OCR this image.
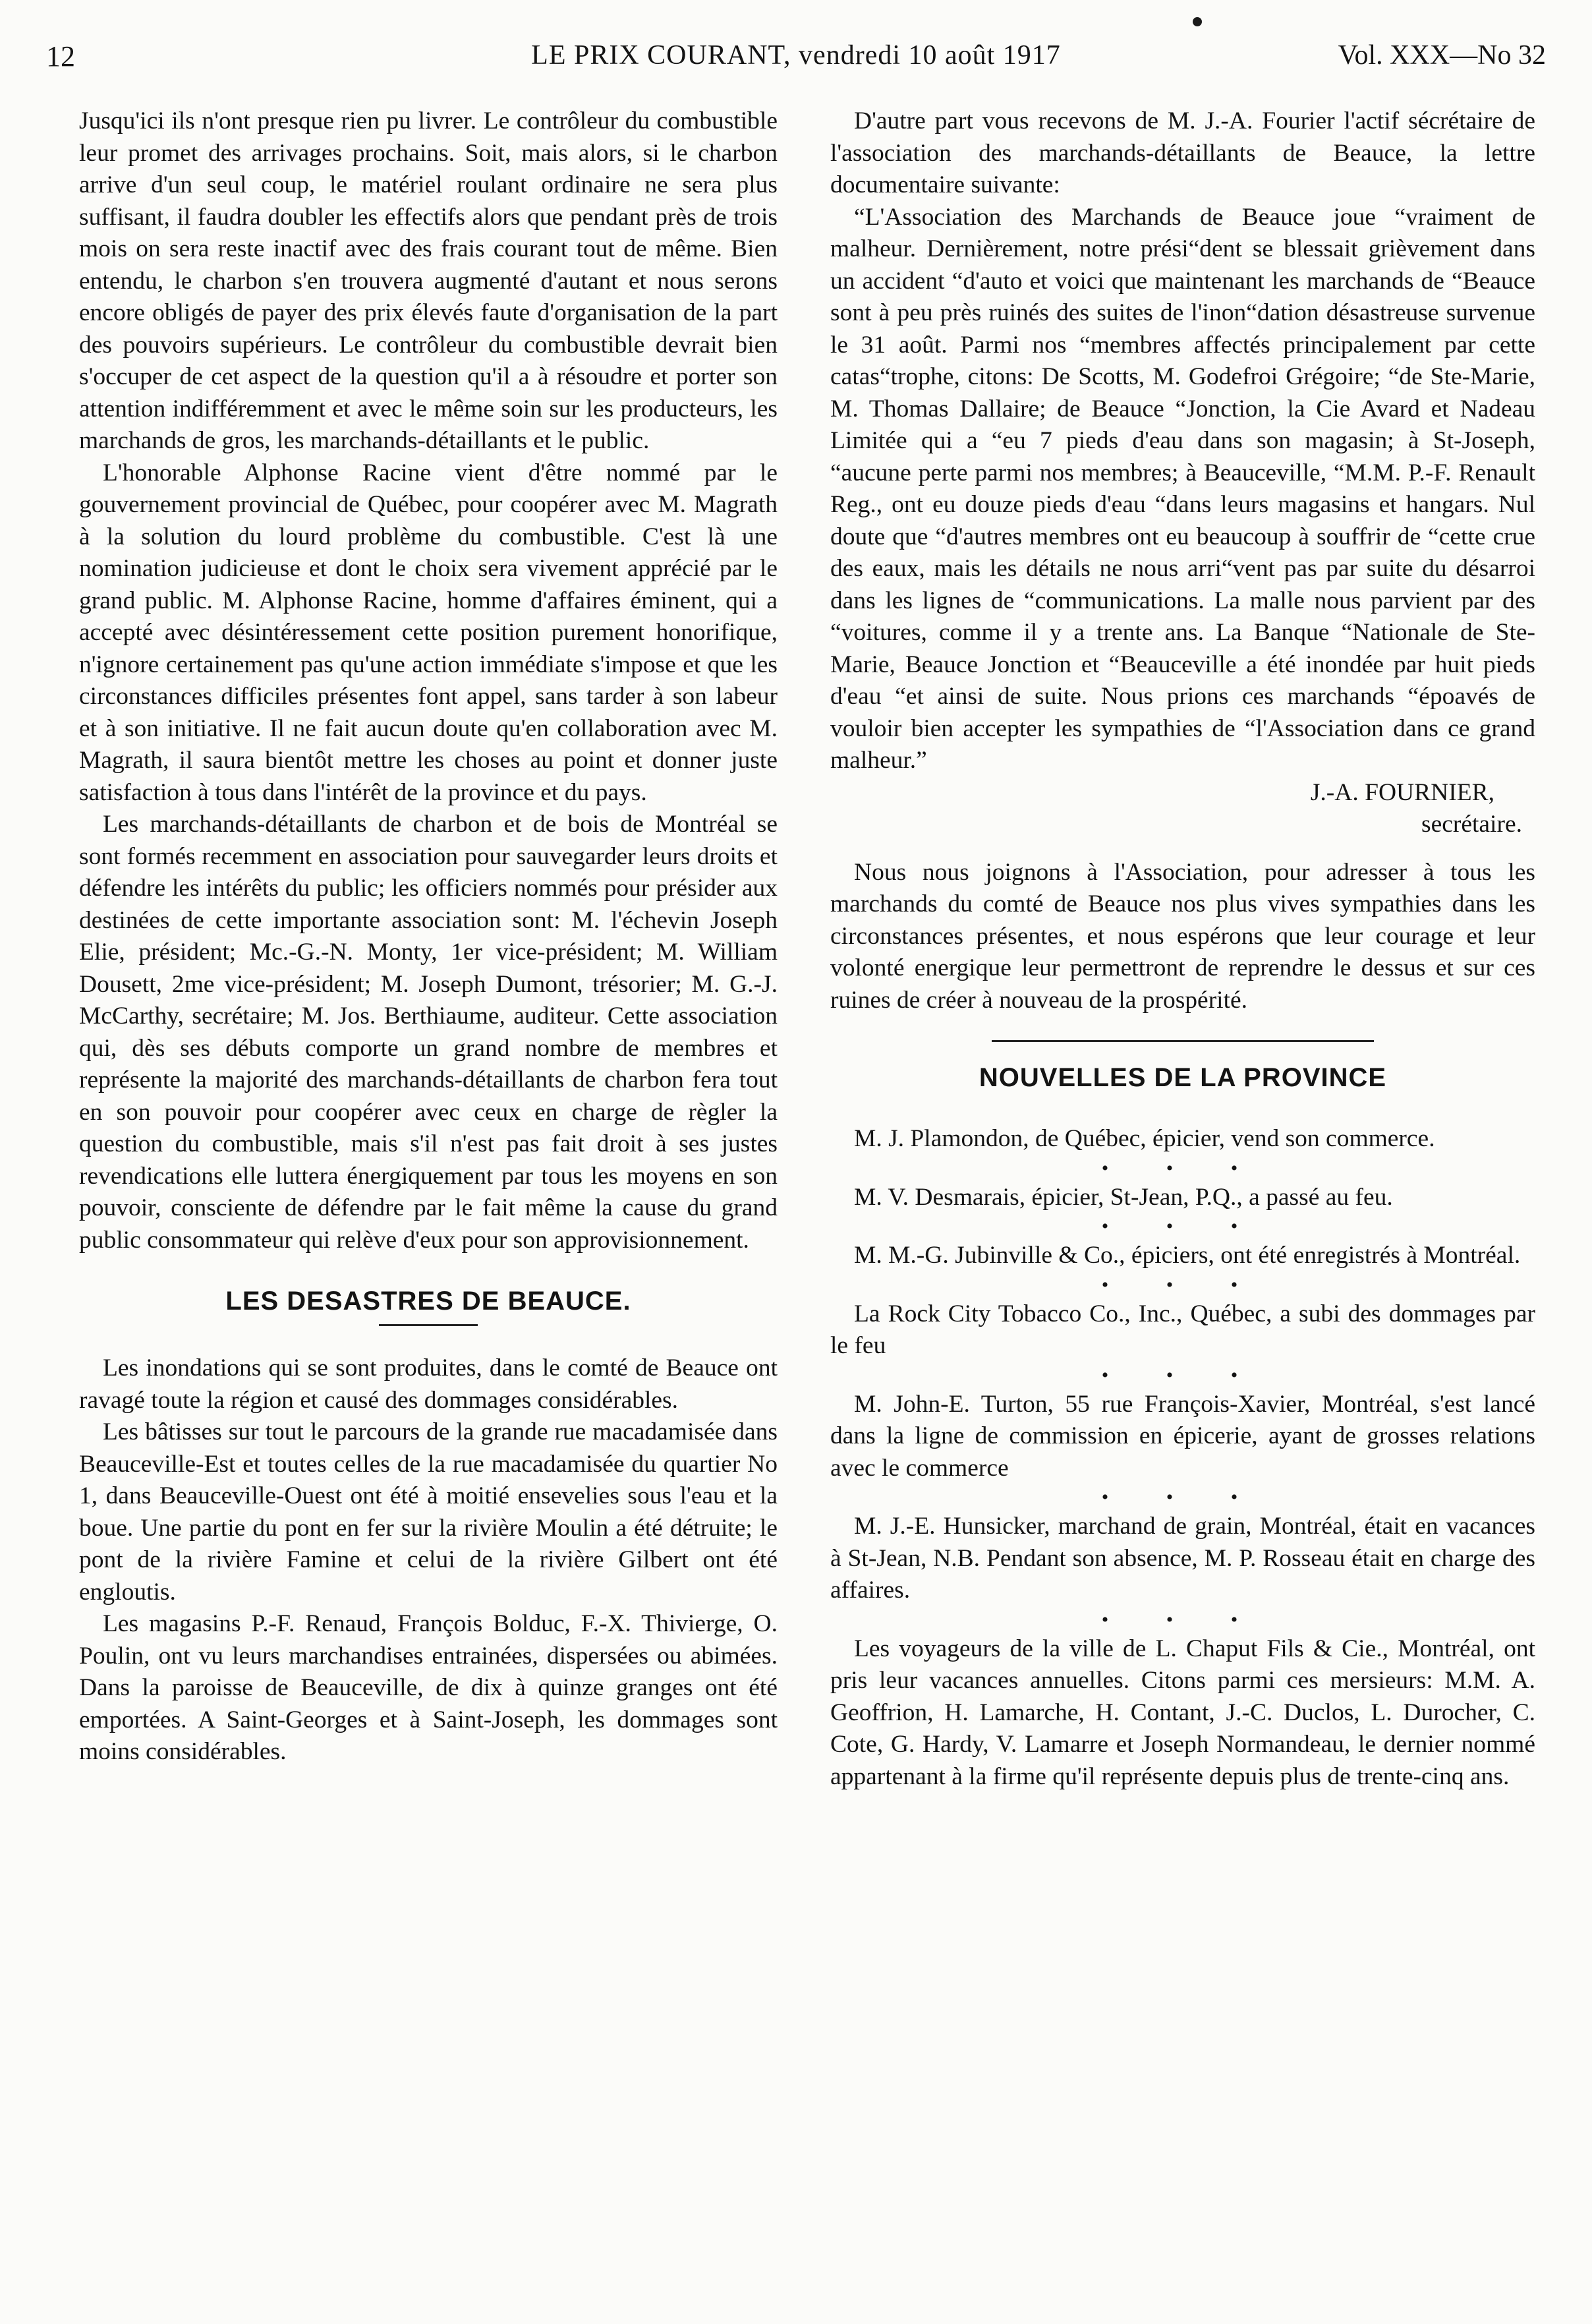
12	LE PRIX COURANT, vendredi 10 août 1917	Vol. XXX—No 32

Jusqu'ici ils n'ont presque rien pu livrer. Le contrôleur du combustible leur promet des arrivages prochains. Soit, mais alors, si le charbon arrive d'un seul coup, le matériel roulant ordinaire ne sera plus suffisant, il faudra doubler les effectifs alors que pendant près de trois mois on sera reste inactif avec des frais courant tout de même. Bien entendu, le charbon s'en trouvera augmenté d'autant et nous serons encore obligés de payer des prix élevés faute d'organisation de la part des pouvoirs supérieurs. Le contrôleur du combustible devrait bien s'occuper de cet aspect de la question qu'il a à résoudre et porter son attention indifféremment et avec le même soin sur les producteurs, les marchands de gros, les marchands-détaillants et le public.

L'honorable Alphonse Racine vient d'être nommé par le gouvernement provincial de Québec, pour coopérer avec M. Magrath à la solution du lourd problème du combustible. C'est là une nomination judicieuse et dont le choix sera vivement apprécié par le grand public. M. Alphonse Racine, homme d'affaires éminent, qui a accepté avec désintéressement cette position purement honorifique, n'ignore certainement pas qu'une action immédiate s'impose et que les circonstances difficiles présentes font appel, sans tarder à son labeur et à son initiative. Il ne fait aucun doute qu'en collaboration avec M. Magrath, il saura bientôt mettre les choses au point et donner juste satisfaction à tous dans l'intérêt de la province et du pays.

Les marchands-détaillants de charbon et de bois de Montréal se sont formés recemment en association pour sauvegarder leurs droits et défendre les intérêts du public; les officiers nommés pour présider aux destinées de cette importante association sont: M. l'échevin Joseph Elie, président; Mc.-G.-N. Monty, 1er vice-président; M. William Dousett, 2me vice-président; M. Joseph Dumont, trésorier; M. G.-J. McCarthy, secrétaire; M. Jos. Berthiaume, auditeur. Cette association qui, dès ses débuts comporte un grand nombre de membres et représente la majorité des marchands-détaillants de charbon fera tout en son pouvoir pour coopérer avec ceux en charge de règler la question du combustible, mais s'il n'est pas fait droit à ses justes revendications elle luttera énergiquement par tous les moyens en son pouvoir, consciente de défendre par le fait même la cause du grand public consommateur qui relève d'eux pour son approvisionnement.

LES DESASTRES DE BEAUCE.

Les inondations qui se sont produites, dans le comté de Beauce ont ravagé toute la région et causé des dommages considérables.

Les bâtisses sur tout le parcours de la grande rue macadamisée dans Beauceville-Est et toutes celles de la rue macadamisée du quartier No 1, dans Beauceville-Ouest ont été à moitié ensevelies sous l'eau et la boue. Une partie du pont en fer sur la rivière Moulin a été détruite; le pont de la rivière Famine et celui de la rivière Gilbert ont été engloutis.

Les magasins P.-F. Renaud, François Bolduc, F.-X. Thivierge, O. Poulin, ont vu leurs marchandises entrainées, dispersées ou abimées. Dans la paroisse de Beauceville, de dix à quinze granges ont été emportées. A Saint-Georges et à Saint-Joseph, les dommages sont moins considérables.

D'autre part vous recevons de M. J.-A. Fourier l'actif sécrétaire de l'association des marchands-détaillants de Beauce, la lettre documentaire suivante:

“L'Association des Marchands de Beauce joue “vraiment de malheur. Dernièrement, notre prési“dent se blessait grièvement dans un accident “d'auto et voici que maintenant les marchands de “Beauce sont à peu près ruinés des suites de l'inon“dation désastreuse survenue le 31 août. Parmi nos “membres affectés principalement par cette catas“trophe, citons: De Scotts, M. Godefroi Grégoire; “de Ste-Marie, M. Thomas Dallaire; de Beauce “Jonction, la Cie Avard et Nadeau Limitée qui a “eu 7 pieds d'eau dans son magasin; à St-Joseph, “aucune perte parmi nos membres; à Beauceville, “M.M. P.-F. Renault Reg., ont eu douze pieds d'eau “dans leurs magasins et hangars. Nul doute que “d'autres membres ont eu beaucoup à souffrir de “cette crue des eaux, mais les détails ne nous arri“vent pas par suite du désarroi dans les lignes de “communications. La malle nous parvient par des “voitures, comme il y a trente ans. La Banque “Nationale de Ste-Marie, Beauce Jonction et “Beauceville a été inondée par huit pieds d'eau “et ainsi de suite. Nous prions ces marchands “époavés de vouloir bien accepter les sympathies de “l'Association dans ce grand malheur.”

J.-A. FOURNIER,
secrétaire.

Nous nous joignons à l'Association, pour adresser à tous les marchands du comté de Beauce nos plus vives sympathies dans les circonstances présentes, et nous espérons que leur courage et leur volonté energique leur permettront de reprendre le dessus et sur ces ruines de créer à nouveau de la prospérité.

NOUVELLES DE LA PROVINCE

M. J. Plamondon, de Québec, épicier, vend son commerce.

• • •

M. V. Desmarais, épicier, St-Jean, P.Q., a passé au feu.

• • •

M. M.-G. Jubinville & Co., épiciers, ont été enregistrés à Montréal.

• • •

La Rock City Tobacco Co., Inc., Québec, a subi des dommages par le feu

• • •

M. John-E. Turton, 55 rue François-Xavier, Montréal, s'est lancé dans la ligne de commission en épicerie, ayant de grosses relations avec le commerce

• • •

M. J.-E. Hunsicker, marchand de grain, Montréal, était en vacances à St-Jean, N.B. Pendant son absence, M. P. Rosseau était en charge des affaires.

• • •

Les voyageurs de la ville de L. Chaput Fils & Cie., Montréal, ont pris leur vacances annuelles. Citons parmi ces mersieurs: M.M. A. Geoffrion, H. Lamarche, H. Contant, J.-C. Duclos, L. Durocher, C. Cote, G. Hardy, V. Lamarre et Joseph Normandeau, le dernier nommé appartenant à la firme qu'il représente depuis plus de trente-cinq ans.
